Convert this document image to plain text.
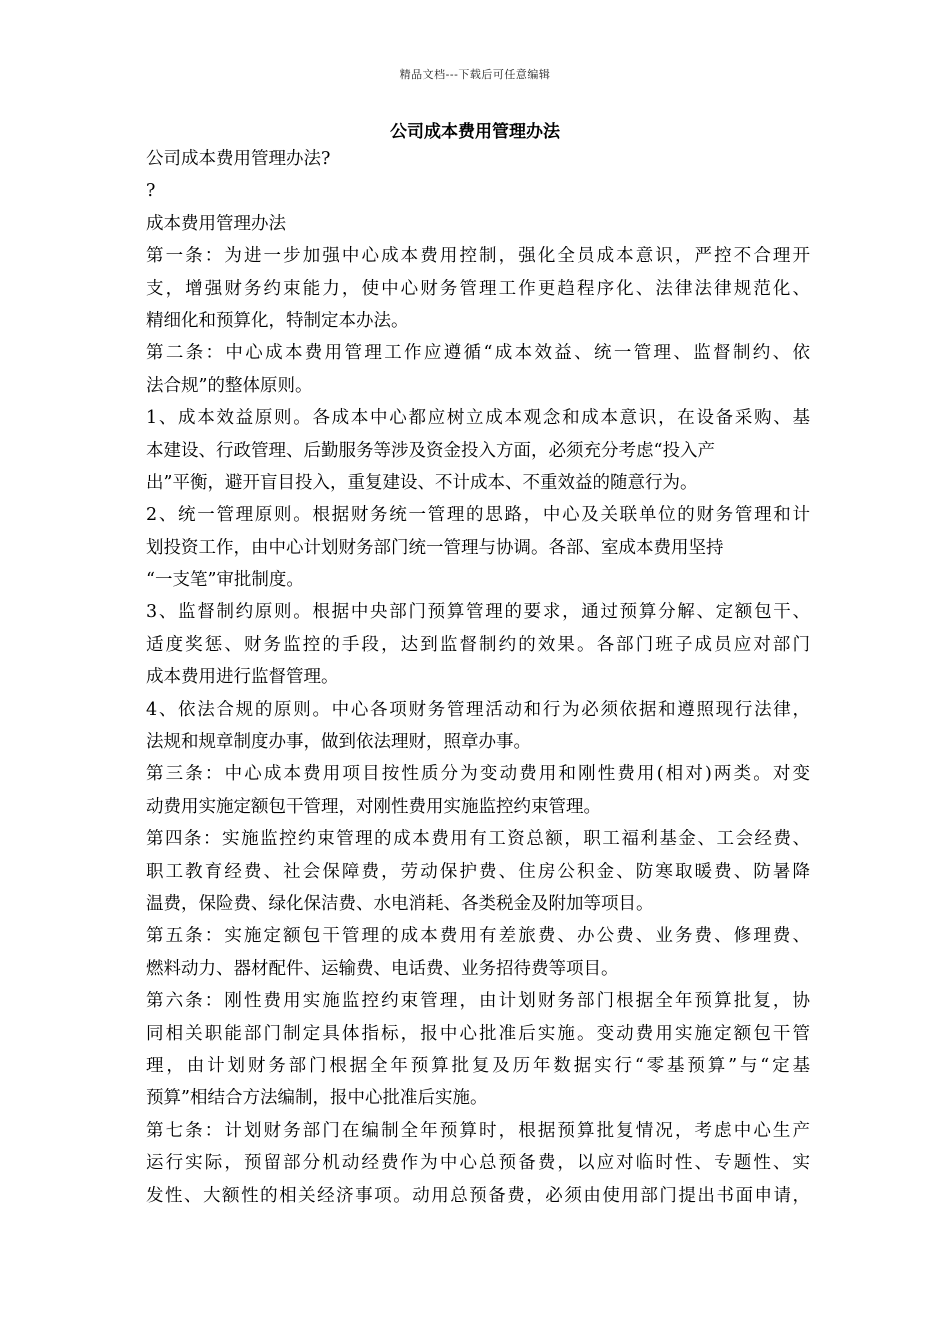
精品文档---下载后可任意编辑
公司成本费用管理办法
公司成本费用管理办法?
?
成本费用管理办法
第一条：为进一步加强中心成本费用控制，强化全员成本意识，严控不合理开
支，增强财务约束能力，使中心财务管理工作更趋程序化、法律法律规范化、
精细化和预算化，特制定本办法。
第二条：中心成本费用管理工作应遵循“成本效益、统一管理、监督制约、依
法合规”的整体原则。
1、成本效益原则。各成本中心都应树立成本观念和成本意识，在设备采购、基
本建设、行政管理、后勤服务等涉及资金投入方面，必须充分考虑“投入产
出”平衡，避开盲目投入，重复建设、不计成本、不重效益的随意行为。
2、统一管理原则。根据财务统一管理的思路，中心及关联单位的财务管理和计
划投资工作，由中心计划财务部门统一管理与协调。各部、室成本费用坚持
“一支笔”审批制度。
3、监督制约原则。根据中央部门预算管理的要求，通过预算分解、定额包干、
适度奖惩、财务监控的手段，达到监督制约的效果。各部门班子成员应对部门
成本费用进行监督管理。
4、依法合规的原则。中心各项财务管理活动和行为必须依据和遵照现行法律，
法规和规章制度办事，做到依法理财，照章办事。
第三条：中心成本费用项目按性质分为变动费用和刚性费用(相对)两类。对变
动费用实施定额包干管理，对刚性费用实施监控约束管理。
第四条：实施监控约束管理的成本费用有工资总额，职工福利基金、工会经费、
职工教育经费、社会保障费，劳动保护费、住房公积金、防寒取暖费、防暑降
温费，保险费、绿化保洁费、水电消耗、各类税金及附加等项目。
第五条：实施定额包干管理的成本费用有差旅费、办公费、业务费、修理费、
燃料动力、器材配件、运输费、电话费、业务招待费等项目。
第六条：刚性费用实施监控约束管理，由计划财务部门根据全年预算批复，协
同相关职能部门制定具体指标，报中心批准后实施。变动费用实施定额包干管
理，由计划财务部门根据全年预算批复及历年数据实行“零基预算”与“定基
预算”相结合方法编制，报中心批准后实施。
第七条：计划财务部门在编制全年预算时，根据预算批复情况，考虑中心生产
运行实际，预留部分机动经费作为中心总预备费，以应对临时性、专题性、实
发性、大额性的相关经济事项。动用总预备费，必须由使用部门提出书面申请，
